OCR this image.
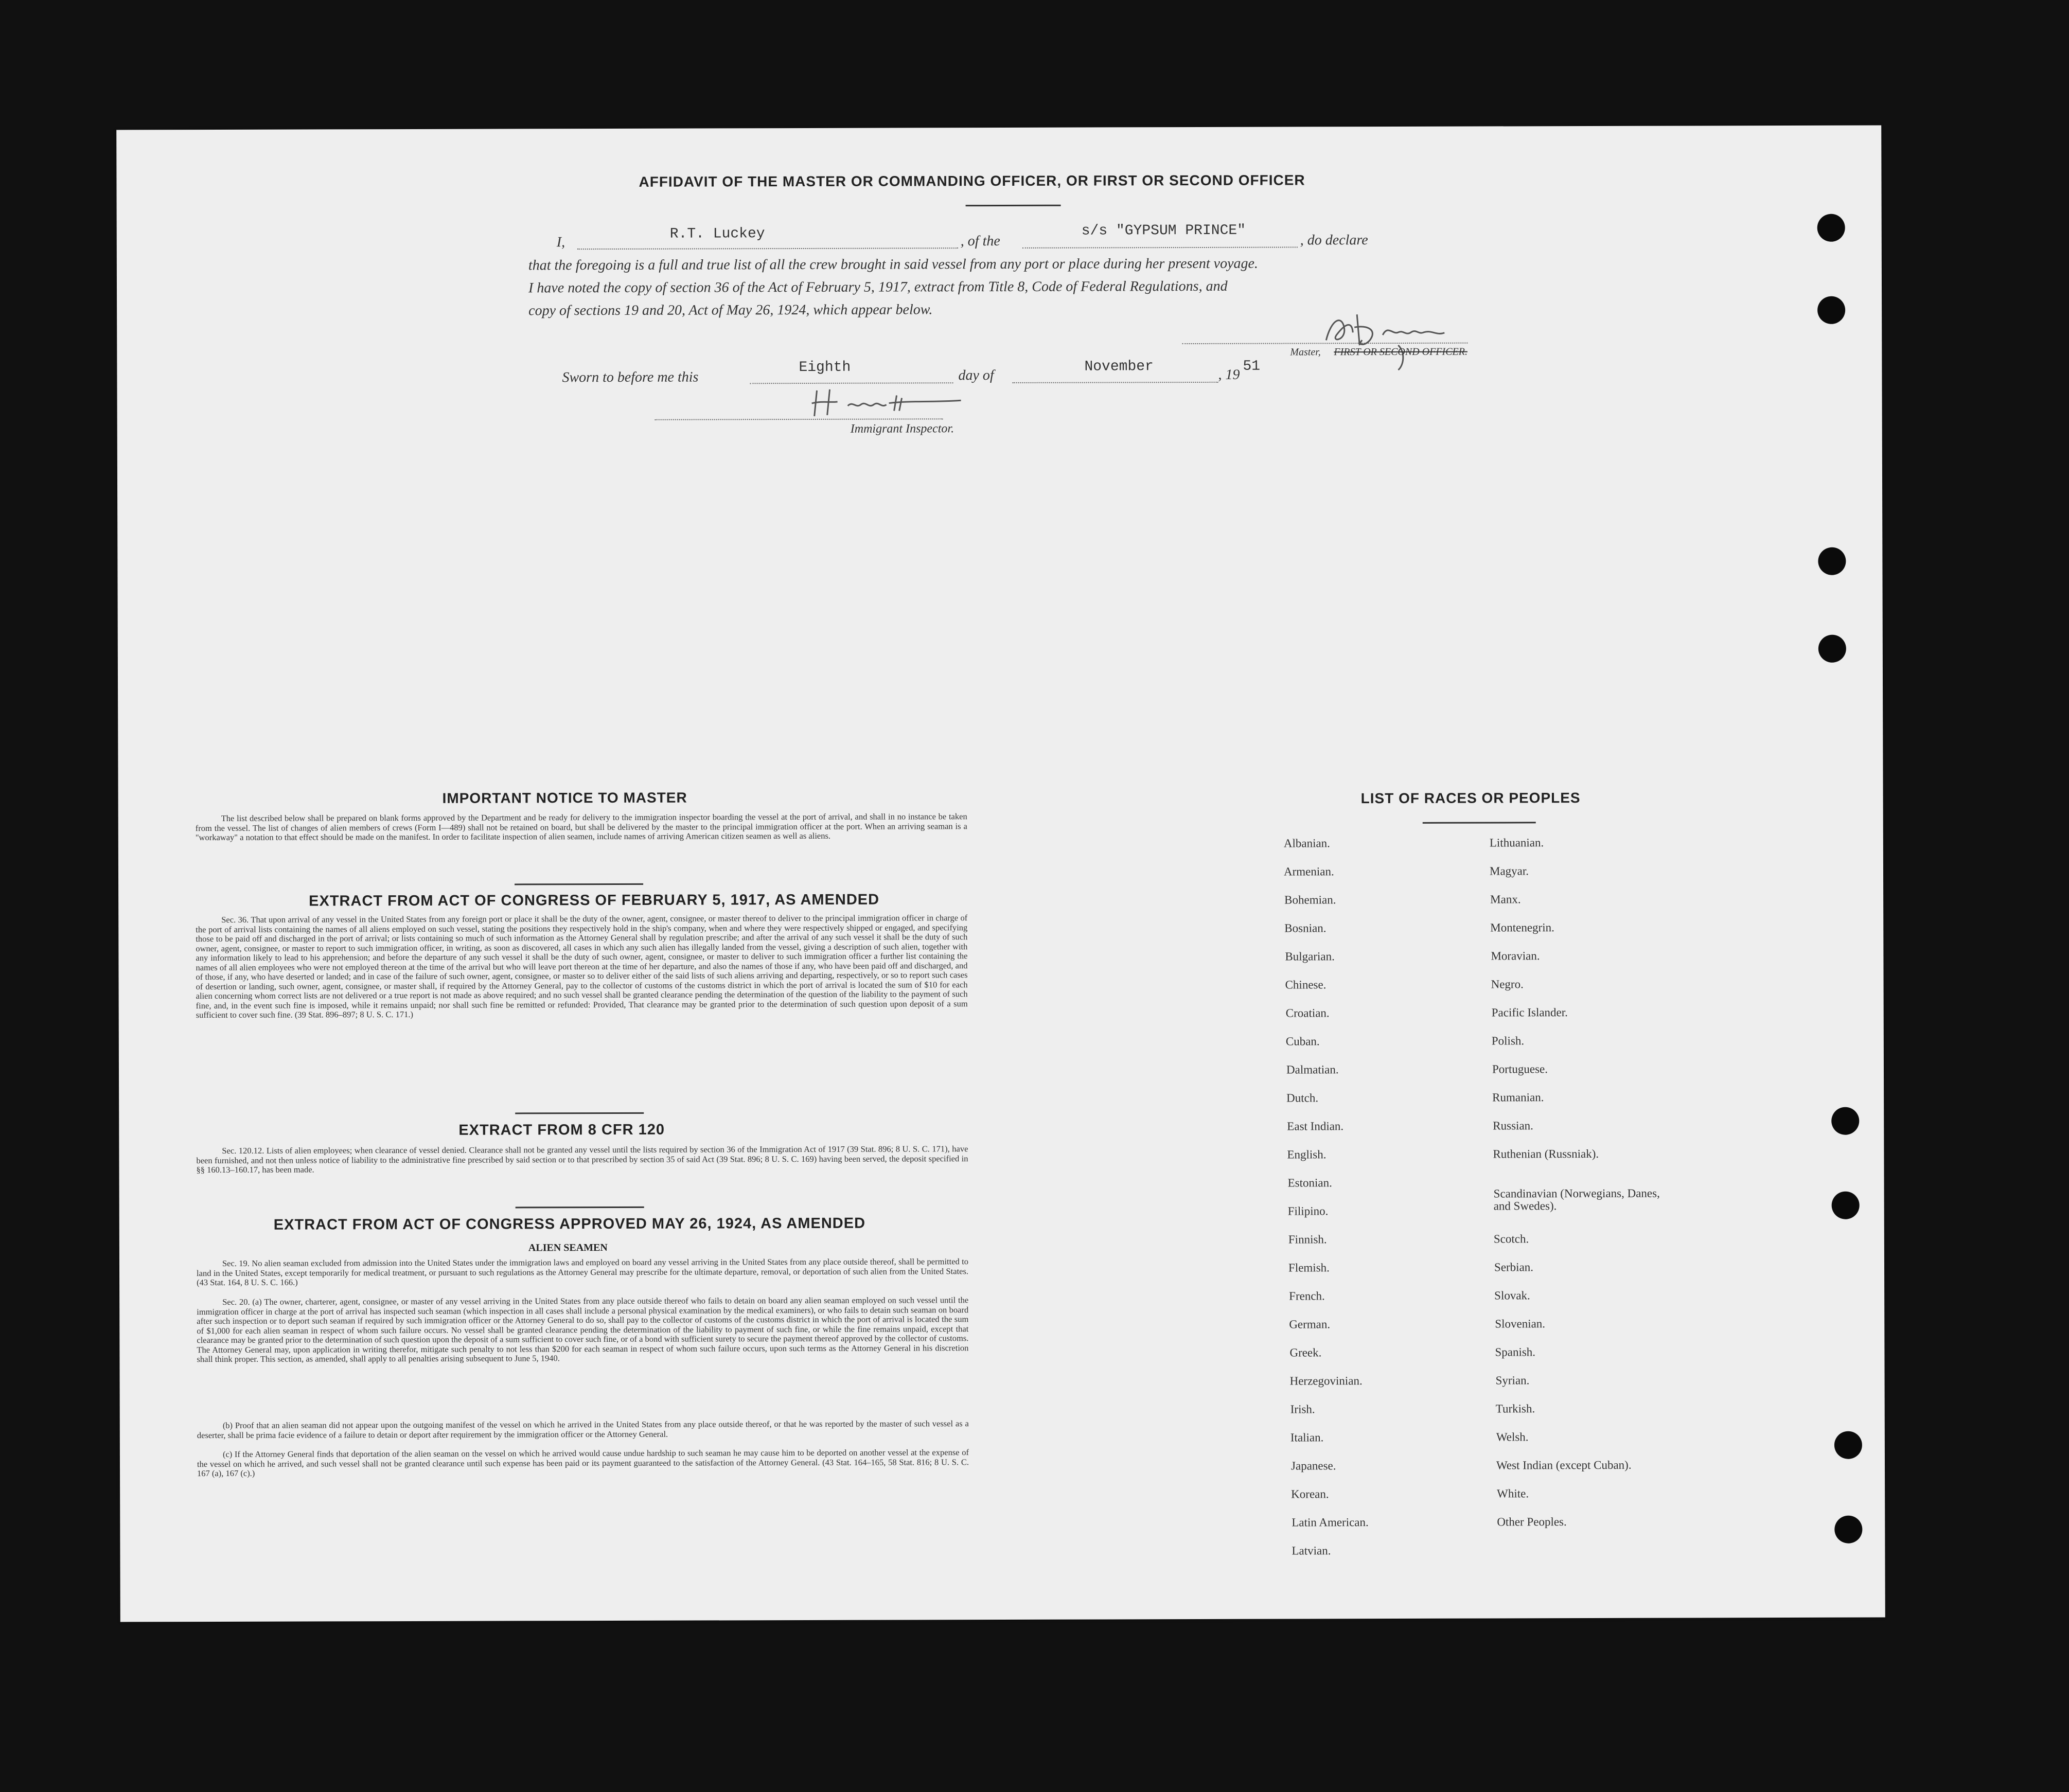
AFFIDAVIT OF THE MASTER OR COMMANDING OFFICER, OR FIRST OR SECOND OFFICER
I,
R.T. Luckey	, of the
s/s "GYPSUM PRINCE"
, do declare
that the foregoing is a full and true list of all the crew brought in said vessel from any port or place during her present voyage.
I have noted the copy of section 36 of the Act of February 5, 1917, extract from Title 8, Code of Federal Regulations, and
copy of sections 19 and 20, Act of May 26, 1924, which appear below.
Master, FIRST OR SECOND OFFICER.
Sworn to before me this
Eighth	day of
November	, 19
51
Immigrant Inspector.
IMPORTANT NOTICE TO MASTER
The list described below shall be prepared on blank forms approved by the Department and be ready for delivery to the immigration inspector boarding the vessel at the port of arrival, and shall in no instance be taken from the vessel. The list of changes of alien members of crews (Form I—489) shall not be retained on board, but shall be delivered by the master to the principal immigration officer at the port. When an arriving seaman is a "workaway" a notation to that effect should be made on the manifest. In order to facilitate inspection of alien seamen, include names of arriving American citizen seamen as well as aliens.
EXTRACT FROM ACT OF CONGRESS OF FEBRUARY 5, 1917, AS AMENDED
Sec. 36. That upon arrival of any vessel in the United States from any foreign port or place it shall be the duty of the owner, agent, consignee, or master thereof to deliver to the principal immigration officer in charge of the port of arrival lists containing the names of all aliens employed on such vessel, stating the positions they respectively hold in the ship's company, when and where they were respectively shipped or engaged, and specifying those to be paid off and discharged in the port of arrival; or lists containing so much of such information as the Attorney General shall by regulation prescribe; and after the arrival of any such vessel it shall be the duty of such owner, agent, consignee, or master to report to such immigration officer, in writing, as soon as discovered, all cases in which any such alien has illegally landed from the vessel, giving a description of such alien, together with any information likely to lead to his apprehension; and before the departure of any such vessel it shall be the duty of such owner, agent, consignee, or master to deliver to such immigration officer a further list containing the names of all alien employees who were not employed thereon at the time of the arrival but who will leave port thereon at the time of her departure, and also the names of those if any, who have been paid off and discharged, and of those, if any, who have deserted or landed; and in case of the failure of such owner, agent, consignee, or master so to deliver either of the said lists of such aliens arriving and departing, respectively, or so to report such cases of desertion or landing, such owner, agent, consignee, or master shall, if required by the Attorney General, pay to the collector of customs of the customs district in which the port of arrival is located the sum of $10 for each alien concerning whom correct lists are not delivered or a true report is not made as above required; and no such vessel shall be granted clearance pending the determination of the question of the liability to the payment of such fine, and, in the event such fine is imposed, while it remains unpaid; nor shall such fine be remitted or refunded: Provided, That clearance may be granted prior to the determination of such question upon deposit of a sum sufficient to cover such fine. (39 Stat. 896–897; 8 U. S. C. 171.)
EXTRACT FROM 8 CFR 120
Sec. 120.12. Lists of alien employees; when clearance of vessel denied. Clearance shall not be granted any vessel until the lists required by section 36 of the Immigration Act of 1917 (39 Stat. 896; 8 U. S. C. 171), have been furnished, and not then unless notice of liability to the administrative fine prescribed by said section or to that prescribed by section 35 of said Act (39 Stat. 896; 8 U. S. C. 169) having been served, the deposit specified in §§ 160.13–160.17, has been made.
EXTRACT FROM ACT OF CONGRESS APPROVED MAY 26, 1924, AS AMENDED
ALIEN SEAMEN
Sec. 19. No alien seaman excluded from admission into the United States under the immigration laws and employed on board any vessel arriving in the United States from any place outside thereof, shall be permitted to land in the United States, except temporarily for medical treatment, or pursuant to such regulations as the Attorney General may prescribe for the ultimate departure, removal, or deportation of such alien from the United States. (43 Stat. 164, 8 U. S. C. 166.)
Sec. 20. (a) The owner, charterer, agent, consignee, or master of any vessel arriving in the United States from any place outside thereof who fails to detain on board any alien seaman employed on such vessel until the immigration officer in charge at the port of arrival has inspected such seaman (which inspection in all cases shall include a personal physical examination by the medical examiners), or who fails to detain such seaman on board after such inspection or to deport such seaman if required by such immigration officer or the Attorney General to do so, shall pay to the collector of customs of the customs district in which the port of arrival is located the sum of $1,000 for each alien seaman in respect of whom such failure occurs. No vessel shall be granted clearance pending the determination of the liability to payment of such fine, or while the fine remains unpaid, except that clearance may be granted prior to the determination of such question upon the deposit of a sum sufficient to cover such fine, or of a bond with sufficient surety to secure the payment thereof approved by the collector of customs. The Attorney General may, upon application in writing therefor, mitigate such penalty to not less than $200 for each seaman in respect of whom such failure occurs, upon such terms as the Attorney General in his discretion shall think proper. This section, as amended, shall apply to all penalties arising subsequent to June 5, 1940.
(b) Proof that an alien seaman did not appear upon the outgoing manifest of the vessel on which he arrived in the United States from any place outside thereof, or that he was reported by the master of such vessel as a deserter, shall be prima facie evidence of a failure to detain or deport after requirement by the immigration officer or the Attorney General.
(c) If the Attorney General finds that deportation of the alien seaman on the vessel on which he arrived would cause undue hardship to such seaman he may cause him to be deported on another vessel at the expense of the vessel on which he arrived, and such vessel shall not be granted clearance until such expense has been paid or its payment guaranteed to the satisfaction of the Attorney General. (43 Stat. 164–165, 58 Stat. 816; 8 U. S. C. 167 (a), 167 (c).)
LIST OF RACES OR PEOPLES
Albanian.
Armenian.
Bohemian.
Bosnian.
Bulgarian.
Chinese.
Croatian.
Cuban.
Dalmatian.
Dutch.
East Indian.
English.
Estonian.
Filipino.
Finnish.
Flemish.
French.
German.
Greek.
Herzegovinian.
Irish.
Italian.
Japanese.
Korean.
Latin American.
Latvian.
Lithuanian.
Magyar.
Manx.
Montenegrin.
Moravian.
Negro.
Pacific Islander.
Polish.
Portuguese.
Rumanian.
Russian.
Ruthenian (Russniak).
Scandinavian (Norwegians, Danes, and Swedes).
Scotch.
Serbian.
Slovak.
Slovenian.
Spanish.
Syrian.
Turkish.
Welsh.
West Indian (except Cuban).
White.
Other Peoples.
